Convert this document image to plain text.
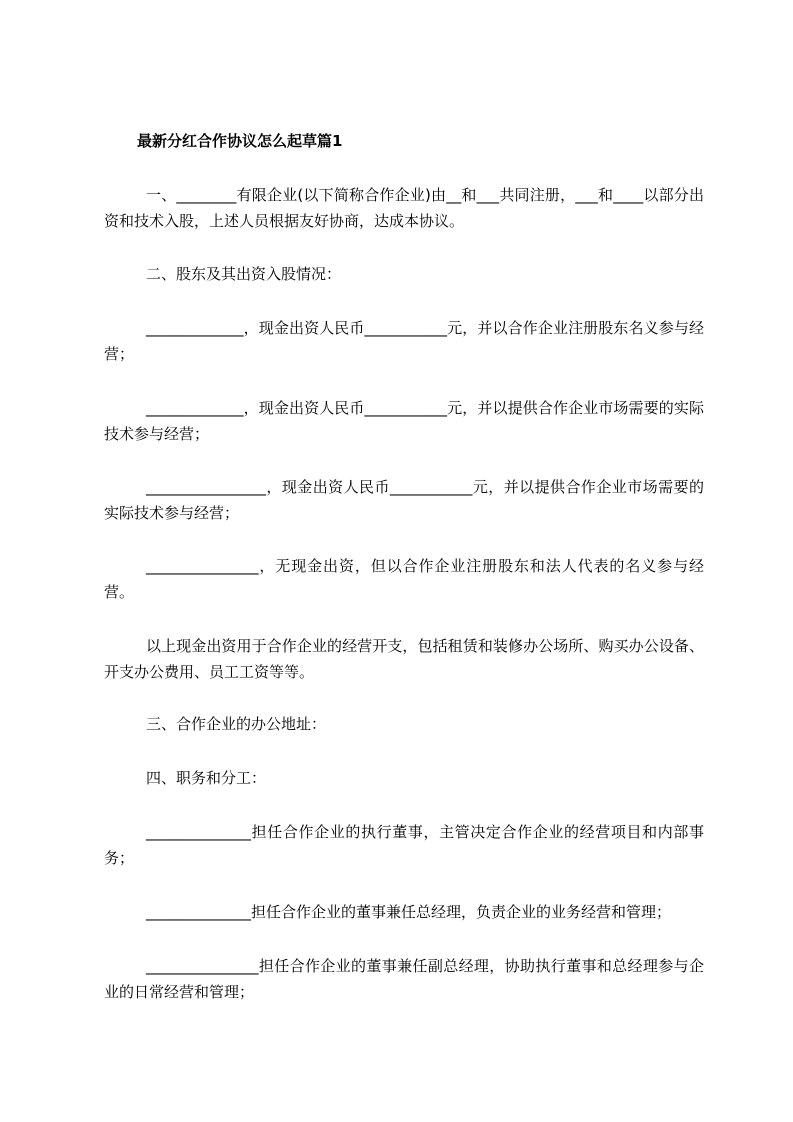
最新分红合作协议怎么起草篇1
一、________有限企业(以下简称合作企业)由__和___共同注册，___和____以部分出资和技术入股，上述人员根据友好协商，达成本协议。
二、股东及其出资入股情况：
_____________，现金出资人民币___________元，并以合作企业注册股东名义参与经营；
_____________，现金出资人民币___________元，并以提供合作企业市场需要的实际技术参与经营；
________________，现金出资人民币___________元，并以提供合作企业市场需要的实际技术参与经营；
_______________，无现金出资，但以合作企业注册股东和法人代表的名义参与经营。
以上现金出资用于合作企业的经营开支，包括租赁和装修办公场所、购买办公设备、开支办公费用、员工工资等等。
三、合作企业的办公地址：
四、职务和分工：
______________担任合作企业的执行董事，主管决定合作企业的经营项目和内部事务；
______________担任合作企业的董事兼任总经理，负责企业的业务经营和管理；
_______________担任合作企业的董事兼任副总经理，协助执行董事和总经理参与企业的日常经营和管理；
